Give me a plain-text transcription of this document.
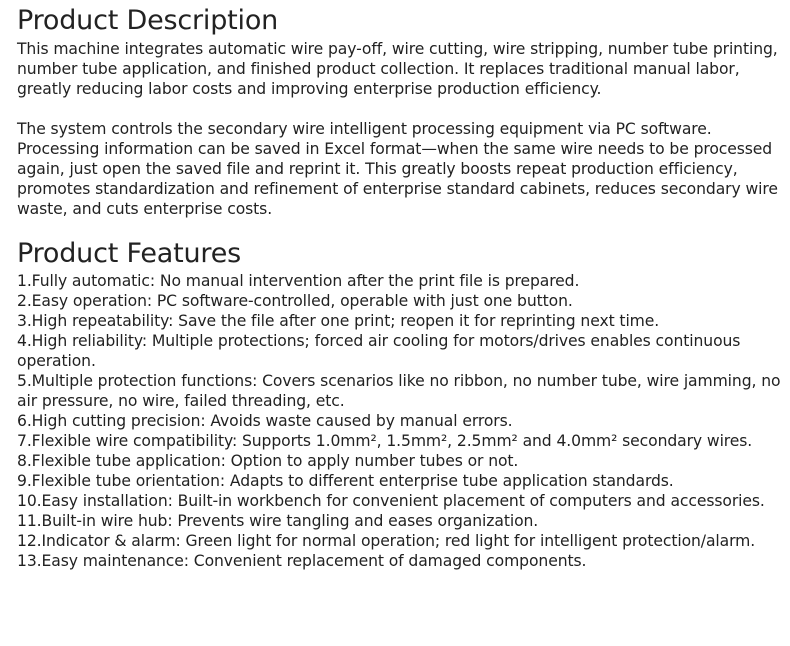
Product Description

This machine integrates automatic wire pay-off, wire cutting, wire stripping, number tube printing, number tube application, and finished product collection. It replaces traditional manual labor, greatly reducing labor costs and improving enterprise production efficiency.

The system controls the secondary wire intelligent processing equipment via PC software. Processing information can be saved in Excel format—when the same wire needs to be processed again, just open the saved file and reprint it. This greatly boosts repeat production efficiency, promotes standardization and refinement of enterprise standard cabinets, reduces secondary wire waste, and cuts enterprise costs.

Product Features
1.Fully automatic: No manual intervention after the print file is prepared.
2.Easy operation: PC software-controlled, operable with just one button.
3.High repeatability: Save the file after one print; reopen it for reprinting next time.
4.High reliability: Multiple protections; forced air cooling for motors/drives enables continuous operation.
5.Multiple protection functions: Covers scenarios like no ribbon, no number tube, wire jamming, no air pressure, no wire, failed threading, etc.
6.High cutting precision: Avoids waste caused by manual errors.
7.Flexible wire compatibility: Supports 1.0mm², 1.5mm², 2.5mm² and 4.0mm² secondary wires.
8.Flexible tube application: Option to apply number tubes or not.
9.Flexible tube orientation: Adapts to different enterprise tube application standards.
10.Easy installation: Built-in workbench for convenient placement of computers and accessories.
11.Built-in wire hub: Prevents wire tangling and eases organization.
12.Indicator & alarm: Green light for normal operation; red light for intelligent protection/alarm.
13.Easy maintenance: Convenient replacement of damaged components.
